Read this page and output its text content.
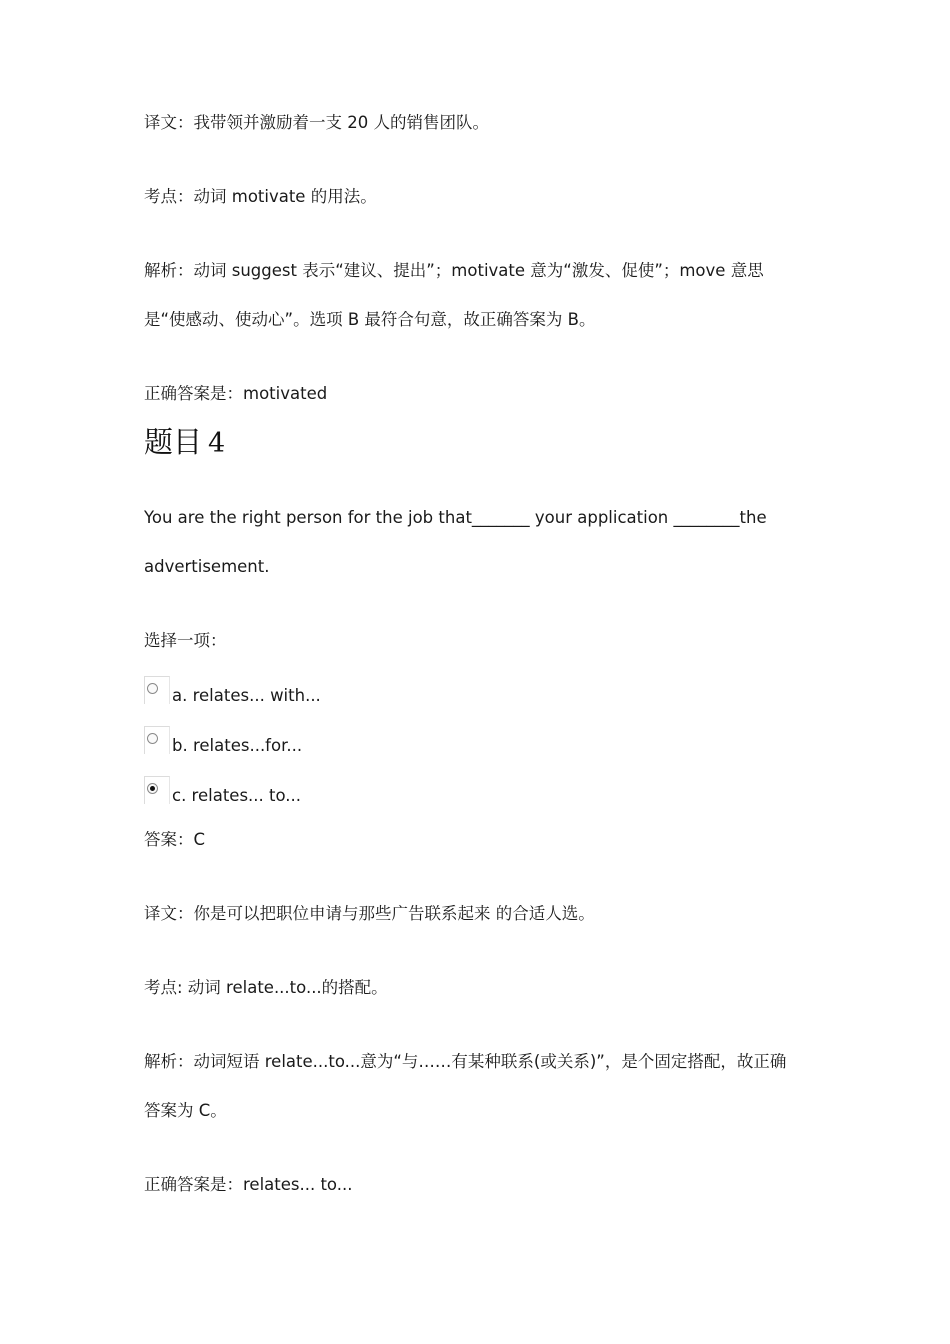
译文：我带领并激励着一支 20 人的销售团队。
考点：动词 motivate 的用法。
解析：动词 suggest 表示“建议、提出”；motivate 意为“激发、促使”；move 意思
是“使感动、使动心”。选项 B 最符合句意，故正确答案为 B。
正确答案是：motivated
题目 4
You are the right person for the job that_______ your application ________the
advertisement.
选择一项：
a. relates... with...
b. relates...for...
c. relates... to...
答案：C
译文：你是可以把职位申请与那些广告联系起来 的合适人选。
考点: 动词 relate...to...的搭配。
解析：动词短语 relate...to...意为“与……有某种联系(或关系)”，是个固定搭配，故正确
答案为 C。
正确答案是：relates... to...
